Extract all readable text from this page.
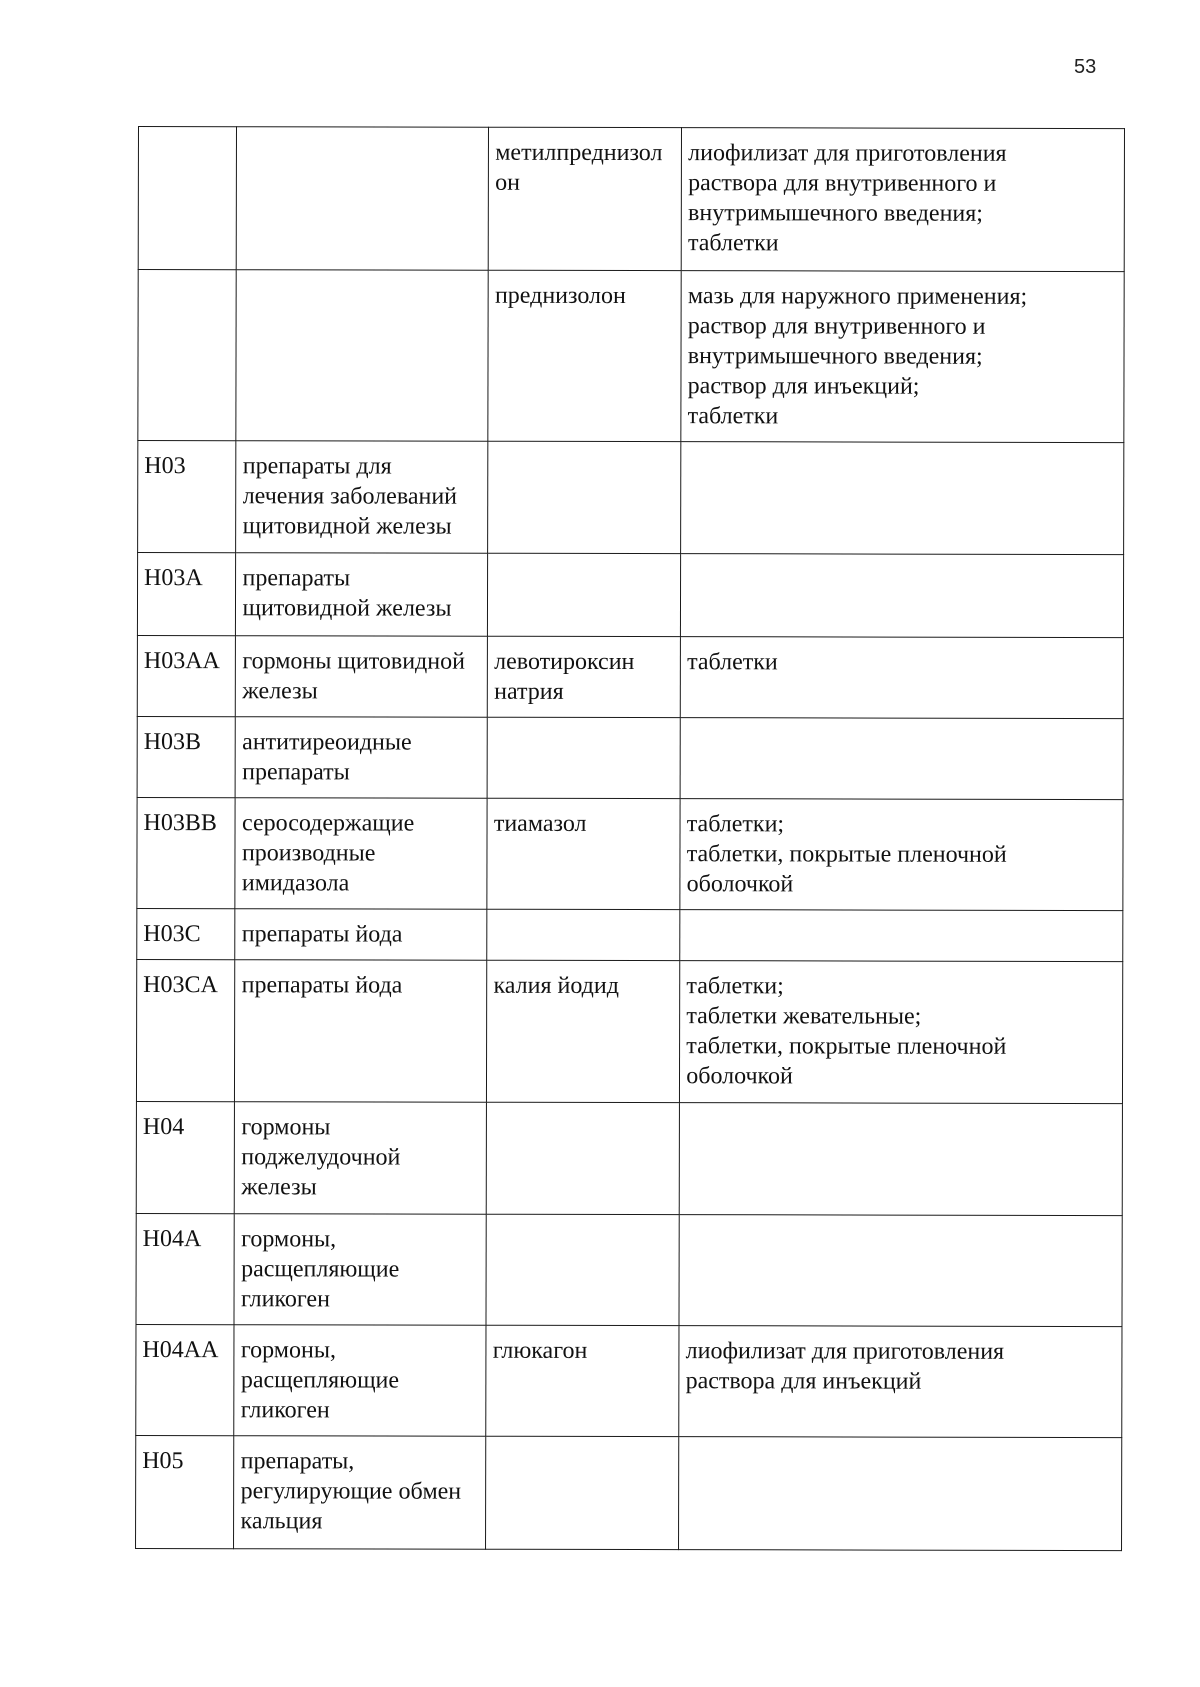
53
		метилпреднизол
он	лиофилизат для приготовления
раствора для внутривенного и
внутримышечного введения;
таблетки
		преднизолон	мазь для наружного применения;
раствор для внутривенного и
внутримышечного введения;
раствор для инъекций;
таблетки
H03	препараты для
лечения заболеваний
щитовидной железы		
H03A	препараты
щитовидной железы		
H03AA	гормоны щитовидной
железы	левотироксин
натрия	таблетки
H03B	антитиреоидные
препараты		
H03BB	серосодержащие
производные
имидазола	тиамазол	таблетки;
таблетки, покрытые пленочной
оболочкой
H03C	препараты йода		
H03CA	препараты йода	калия йодид	таблетки;
таблетки жевательные;
таблетки, покрытые пленочной
оболочкой
H04	гормоны
поджелудочной
железы		
H04A	гормоны,
расщепляющие
гликоген		
H04AA	гормоны,
расщепляющие
гликоген	глюкагон	лиофилизат для приготовления
раствора для инъекций
H05	препараты,
регулирующие обмен
кальция		
